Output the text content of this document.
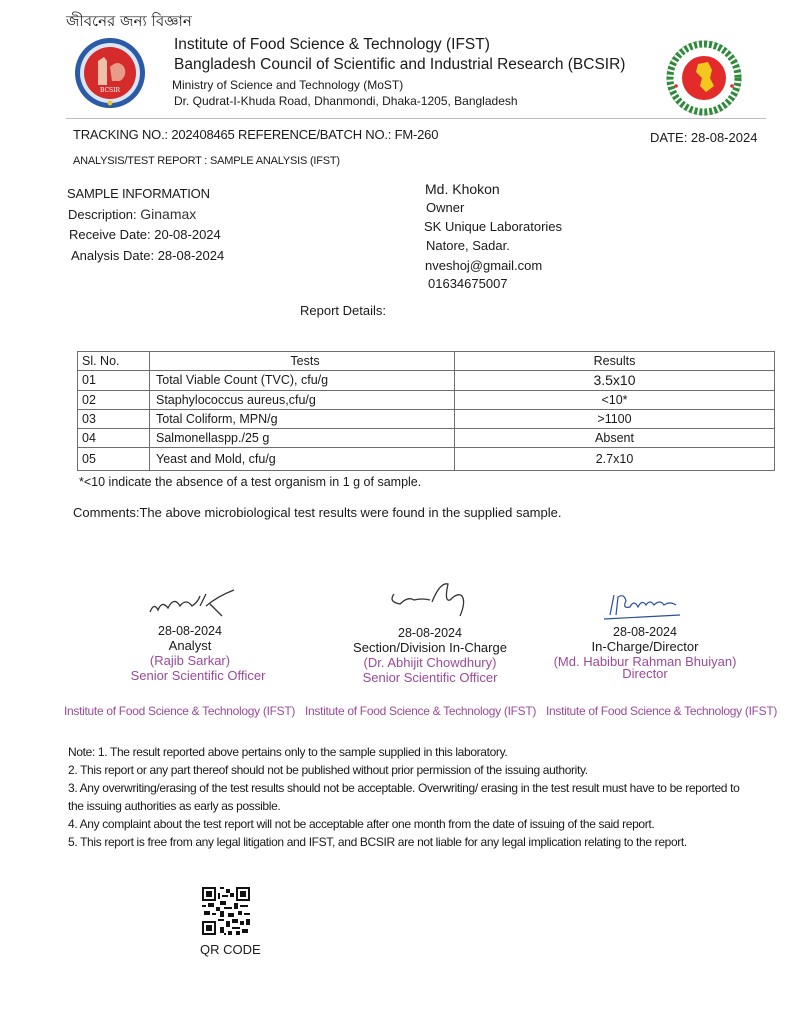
জীবনের জন্য বিজ্ঞান
BCSIR
Institute of Food Science & Technology (IFST)
Bangladesh Council of Scientific and Industrial Research (BCSIR)
Ministry of Science and Technology (MoST)
Dr. Qudrat-I-Khuda Road, Dhanmondi, Dhaka-1205, Bangladesh
TRACKING NO.: 202408465 REFERENCE/BATCH NO.: FM-260	DATE: 28-08-2024
ANALYSIS/TEST REPORT : SAMPLE ANALYSIS (IFST)
SAMPLE INFORMATION
Description: Ginamax
Receive Date: 20-08-2024
Analysis Date: 28-08-2024
Md. Khokon
Owner
SK Unique Laboratories
Natore, Sadar.
nveshoj@gmail.com
01634675007
Report Details:
Sl. No.	Tests	Results
01	Total Viable Count (TVC), cfu/g	3.5x10
02	Staphylococcus aureus,cfu/g	<10*
03	Total Coliform, MPN/g	>1100
04	Salmonellaspp./25 g	Absent
05	Yeast and Mold, cfu/g	2.7x10
*<10 indicate the absence of a test organism in 1 g of sample.
Comments:The above microbiological test results were found in the supplied sample.
28-08-2024
Analyst
(Rajib Sarkar)
Senior Scientific Officer
28-08-2024
Section/Division In-Charge
(Dr. Abhijit Chowdhury)
Senior Scientific Officer
28-08-2024
In-Charge/Director
(Md. Habibur Rahman Bhuiyan)
Director
Institute of Food Science & Technology (IFST) Institute of Food Science & Technology (IFST) Institute of Food Science & Technology (IFST)
Note: 1. The result reported above pertains only to the sample supplied in this laboratory.
2. This report or any part thereof should not be published without prior permission of the issuing authority.
3. Any overwriting/erasing of the test results should not be acceptable. Overwriting/ erasing in the test result must have to be reported to
the issuing authorities as early as possible.
4. Any complaint about the test report will not be acceptable after one month from the date of issuing of the said report.
5. This report is free from any legal litigation and IFST, and BCSIR are not liable for any legal implication relating to the report.
QR CODE
